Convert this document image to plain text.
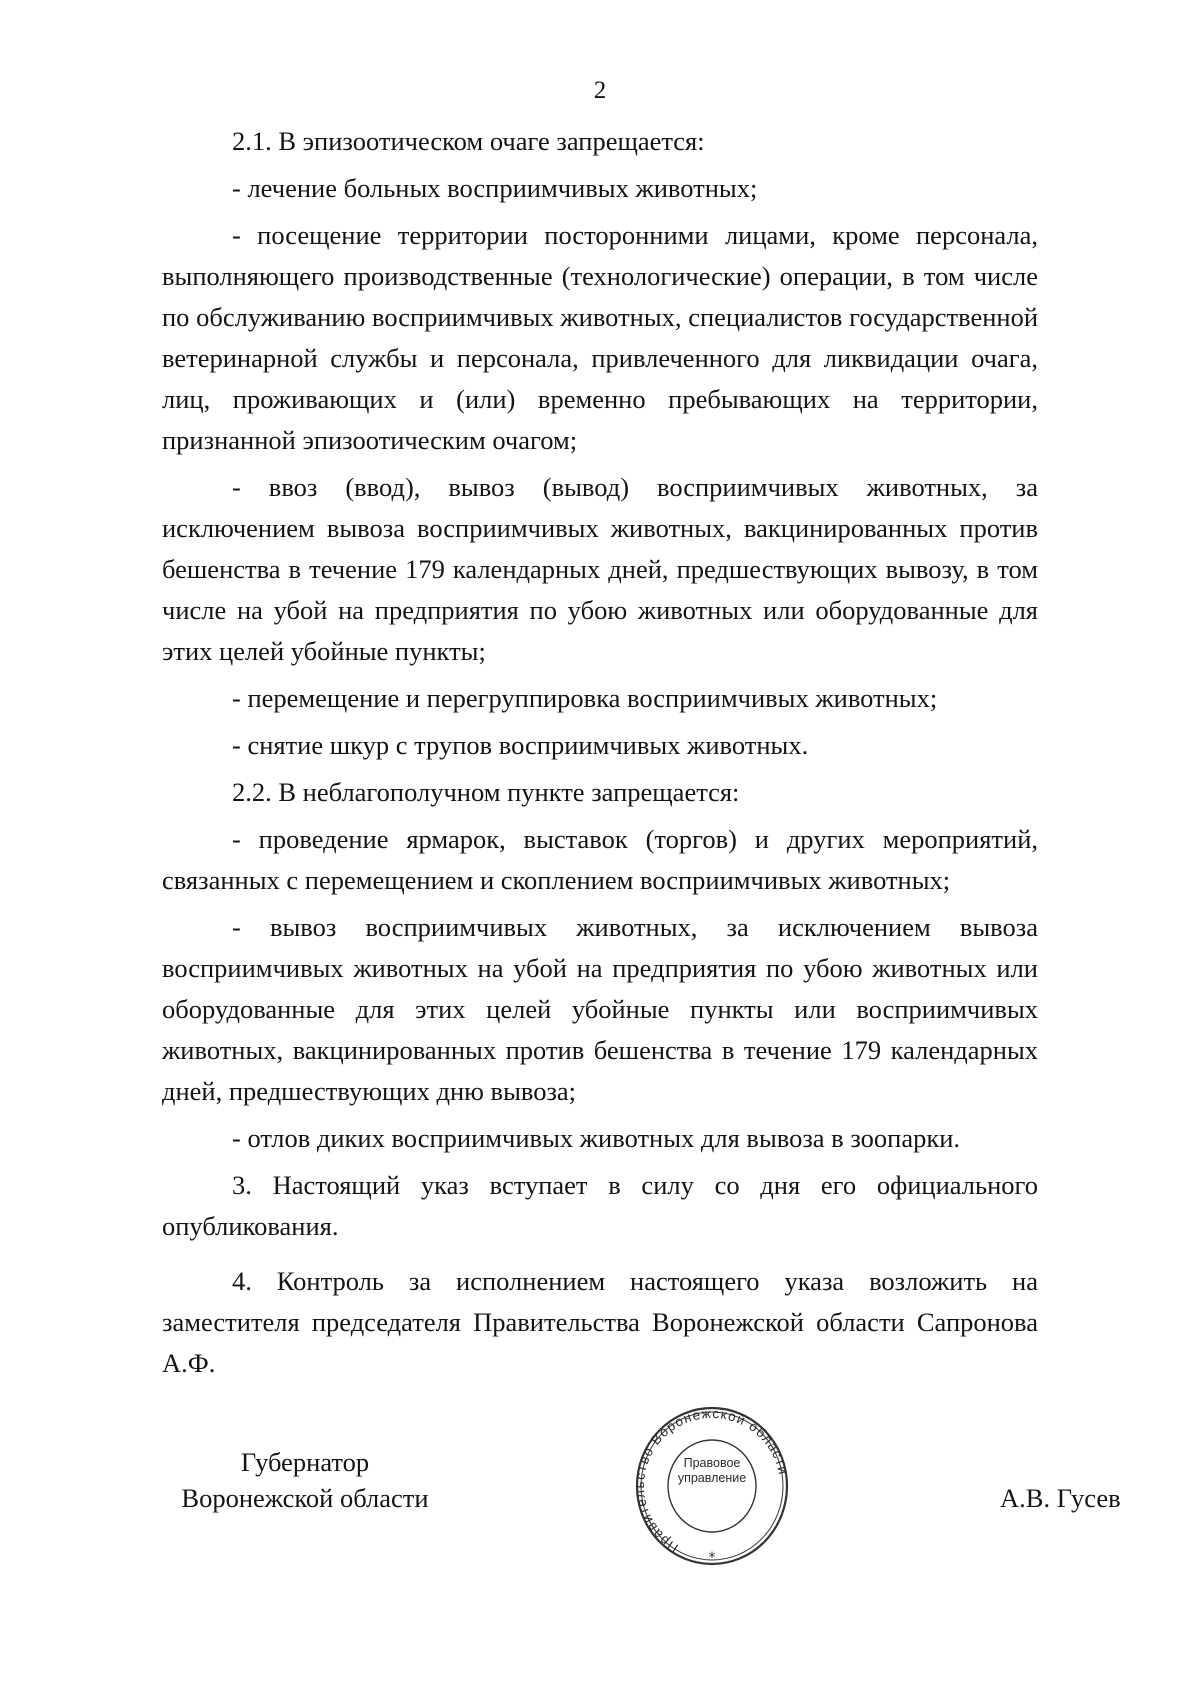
2

2.1. В эпизоотическом очаге запрещается:

- лечение больных восприимчивых животных;

- посещение территории посторонними лицами, кроме персонала, выполняющего производственные (технологические) операции, в том числе по обслуживанию восприимчивых животных, специалистов государственной ветеринарной службы и персонала, привлеченного для ликвидации очага, лиц, проживающих и (или) временно пребывающих на территории, признанной эпизоотическим очагом;

- ввоз (ввод), вывоз (вывод) восприимчивых животных, за исключением вывоза восприимчивых животных, вакцинированных против бешенства в течение 179 календарных дней, предшествующих вывозу, в том числе на убой на предприятия по убою животных или оборудованные для этих целей убойные пункты;

- перемещение и перегруппировка восприимчивых животных;

- снятие шкур с трупов восприимчивых животных.

2.2. В неблагополучном пункте запрещается:

- проведение ярмарок, выставок (торгов) и других мероприятий, связанных с перемещением и скоплением восприимчивых животных;

- вывоз восприимчивых животных, за исключением вывоза восприимчивых животных на убой на предприятия по убою животных или оборудованные для этих целей убойные пункты или восприимчивых животных, вакцинированных против бешенства в течение 179 календарных дней, предшествующих дню вывоза;

- отлов диких восприимчивых животных для вывоза в зоопарки.

3. Настоящий указ вступает в силу со дня его официального опубликования.

4. Контроль за исполнением настоящего указа возложить на заместителя председателя Правительства Воронежской области Сапронова А.Ф.

Губернатор
Воронежской области
Правительство Воронежской области
*
Правовое
управление
А.В. Гусев
